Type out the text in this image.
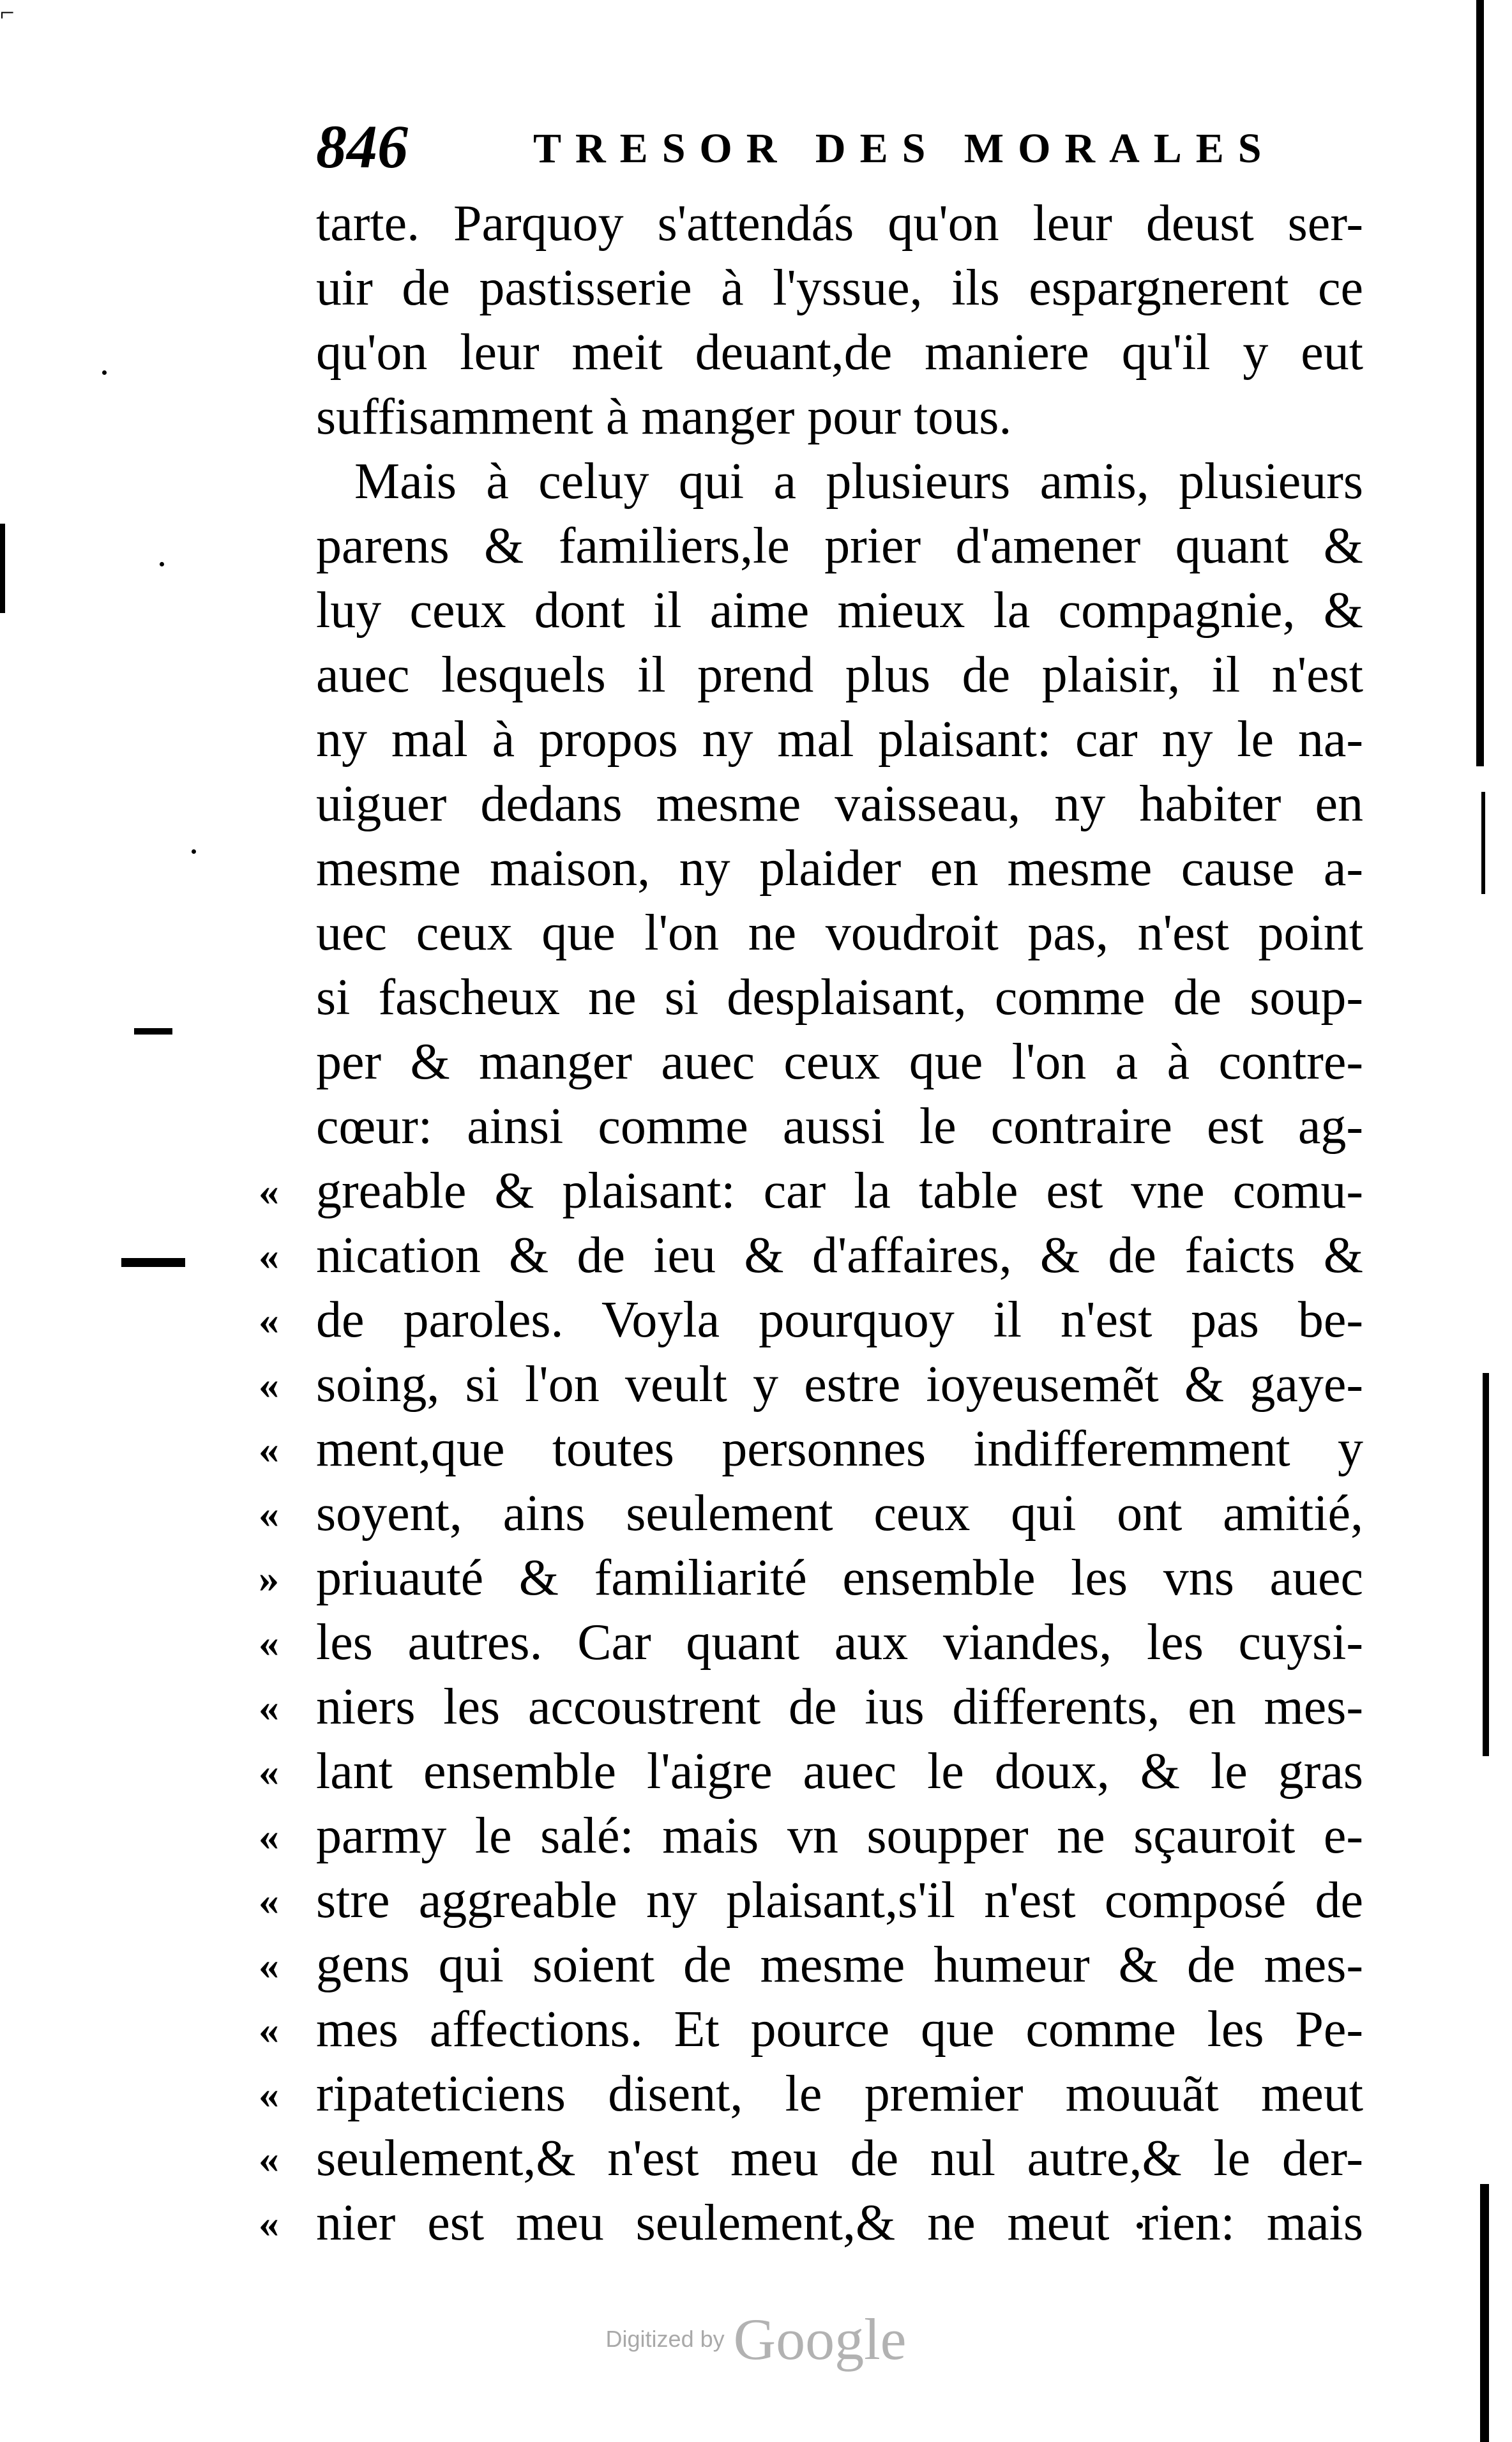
⌐
846	TRESOR DES MORALES
tarte. Parquoy s'attendás qu'on leur deust ser-
uir de pastisserie à l'yssue, ils espargnerent ce
qu'on leur meit deuant,de maniere qu'il y eut
suffisamment à manger pour tous.
Mais à celuy qui a plusieurs amis, plusieurs
parens & familiers,le prier d'amener quant &
luy ceux dont il aime mieux la compagnie, &
auec lesquels il prend plus de plaisir, il n'est
ny mal à propos ny mal plaisant: car ny le na-
uiguer dedans mesme vaisseau, ny habiter en
mesme maison, ny plaider en mesme cause a-
uec ceux que l'on ne voudroit pas, n'est point
si fascheux ne si desplaisant, comme de soup-
per & manger auec ceux que l'on a à contre-
cœur: ainsi comme aussi le contraire est ag-
« greable & plaisant: car la table est vne comu-
« nication & de ieu & d'affaires, & de faicts &
« de paroles. Voyla pourquoy il n'est pas be-
« soing, si l'on veult y estre ioyeusemẽt & gaye-
« ment,que toutes personnes indifferemment y
« soyent, ains seulement ceux qui ont amitié,
» priuauté & familiarité ensemble les vns auec
« les autres. Car quant aux viandes, les cuysi-
« niers les accoustrent de ius differents, en mes-
« lant ensemble l'aigre auec le doux, & le gras
« parmy le salé: mais vn soupper ne sçauroit e-
« stre aggreable ny plaisant,s'il n'est composé de
« gens qui soient de mesme humeur & de mes-
« mes affections. Et pource que comme les Pe-
« ripateticiens disent, le premier mouuãt meut
« seulement,& n'est meu de nul autre,& le der-
« nier est meu seulement,& ne meut rien: mais
Digitized by Google
